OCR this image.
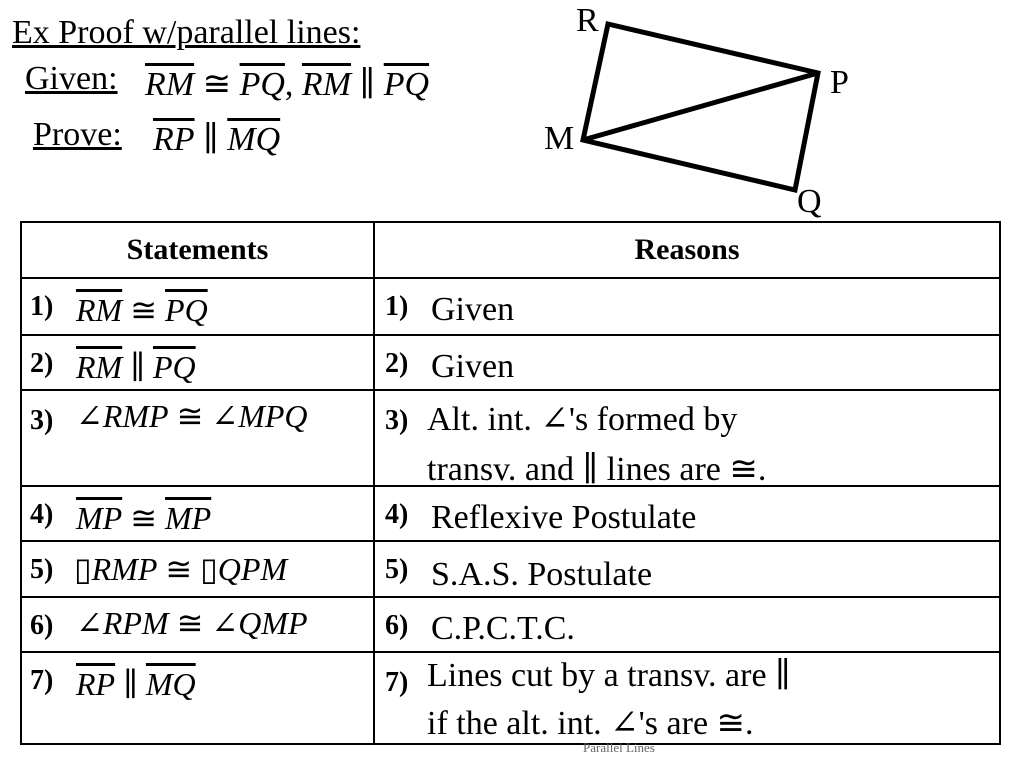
Ex Proof w/parallel lines:
Given: $\overline{RM}$ ≅ $\overline{PQ}$, $\overline{RM}$ ∥ $\overline{PQ}$
Prove: $\overline{RP}$ ∥ $\overline{MQ}$
R
P
M
Q
Statements	Reasons

1) $\overline{RM}$ ≅ $\overline{PQ}$	1) Given

2) $\overline{RM}$ ∥ $\overline{PQ}$	2) Given

3) ∠RMP ≅ ∠MPQ	3) Alt. int. ∠'s formed by
transv. and ∥ lines are ≅.

4) $\overline{MP}$ ≅ $\overline{MP}$	4) Reflexive Postulate

5) ▯RMP ≅ ▯QPM	5) S.A.S. Postulate

6) ∠RPM ≅ ∠QMP	6) C.P.C.T.C.

7) $\overline{RP}$ ∥ $\overline{MQ}$	7) Lines cut by a transv. are ∥
if the alt. int. ∠'s are ≅.
Parallel Lines
